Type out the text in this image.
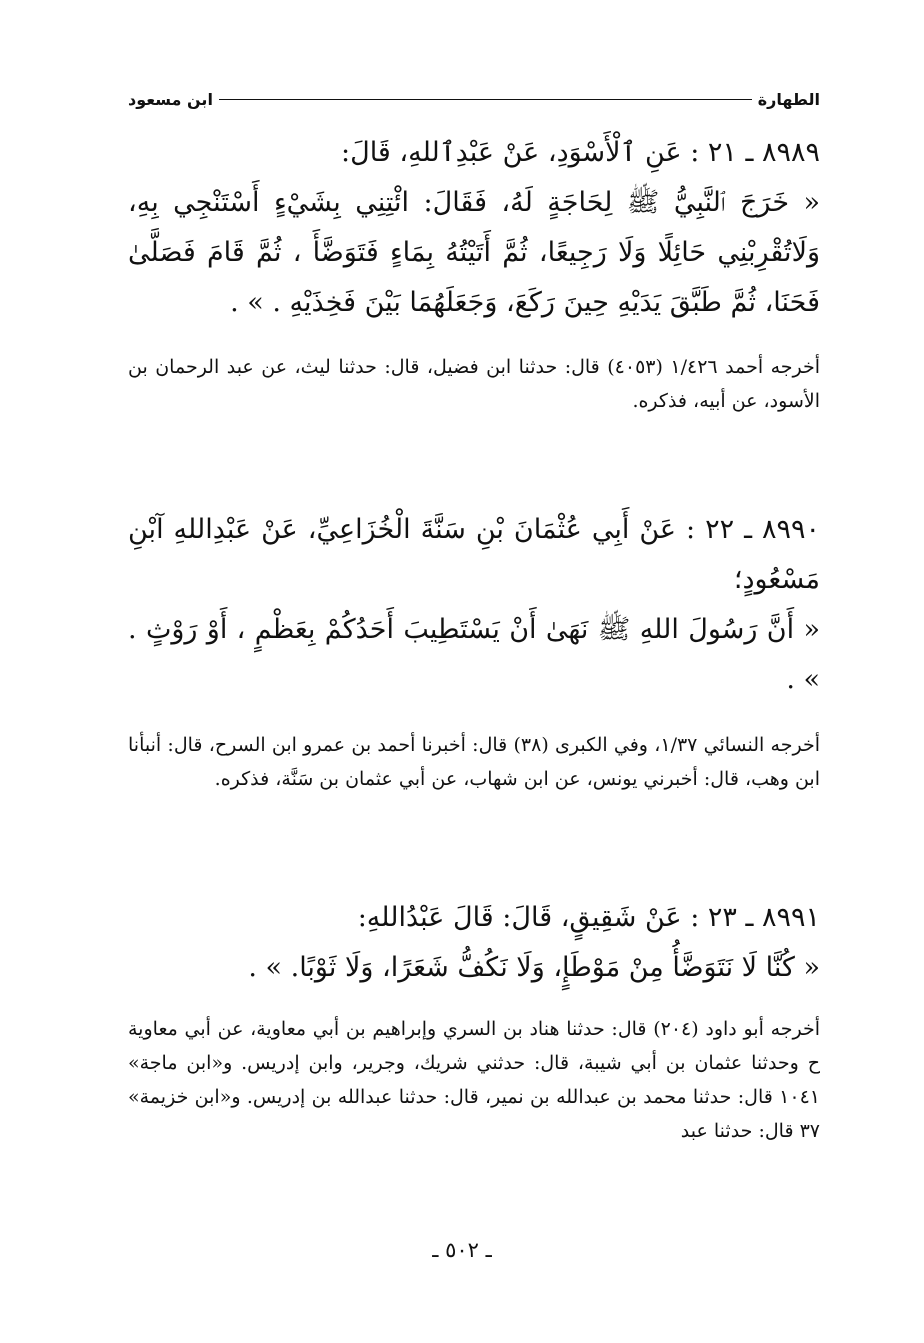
الطهارة
ابن مسعود
٨٩٨٩ ـ ٢١ : عَنِ ٱلْأَسْوَدِ، عَنْ عَبْدِٱللهِ، قَالَ:
« خَرَجَ ٱلنَّبِيُّ ﷺ لِحَاجَةٍ لَهُ، فَقَالَ: ائْتِنِي بِشَيْءٍ أَسْتَنْجِي بِهِ، وَلَاتُقْرِبْنِي حَائِلًا وَلَا رَجِيعًا، ثُمَّ أَتَيْتُهُ بِمَاءٍ فَتَوَضَّأَ ، ثُمَّ قَامَ فَصَلَّىٰ فَحَنَا، ثُمَّ طَبَّقَ يَدَيْهِ حِينَ رَكَعَ، وَجَعَلَهُمَا بَيْنَ فَخِذَيْهِ . » .
أخرجه أحمد ١/٤٢٦ (٤٠٥٣) قال: حدثنا ابن فضيل، قال: حدثنا ليث، عن عبد الرحمان بن الأسود، عن أبيه، فذكره.
٨٩٩٠ ـ ٢٢ : عَنْ أَبِي عُثْمَانَ بْنِ سَنَّةَ الْخُزَاعِيِّ، عَنْ عَبْدِاللهِ آبْنِ مَسْعُودٍ؛
« أَنَّ رَسُولَ اللهِ ﷺ نَهَىٰ أَنْ يَسْتَطِيبَ أَحَدُكُمْ بِعَظْمٍ ، أَوْ رَوْثٍ . » .
أخرجه النسائي ١/٣٧، وفي الكبرى (٣٨) قال: أخبرنا أحمد بن عمرو ابن السرح، قال: أنبأنا ابن وهب، قال: أخبرني يونس، عن ابن شهاب، عن أبي عثمان بن سَنَّة، فذكره.
٨٩٩١ ـ ٢٣ : عَنْ شَقِيقٍ، قَالَ: قَالَ عَبْدُاللهِ:
« كُنَّا لَا نَتَوَضَّأُ مِنْ مَوْطَإٍ، وَلَا نَكُفُّ شَعَرًا، وَلَا ثَوْبًا. » .
أخرجه أبو داود (٢٠٤) قال: حدثنا هناد بن السري وإبراهيم بن أبي معاوية، عن أبي معاوية ح وحدثنا عثمان بن أبي شيبة، قال: حدثني شريك، وجرير، وابن إدريس. و«ابن ماجة» ١٠٤١ قال: حدثنا محمد بن عبدالله بن نمير، قال: حدثنا عبدالله بن إدريس. و«ابن خزيمة» ٣٧ قال: حدثنا عبد
ـ ٥٠٢ ـ
